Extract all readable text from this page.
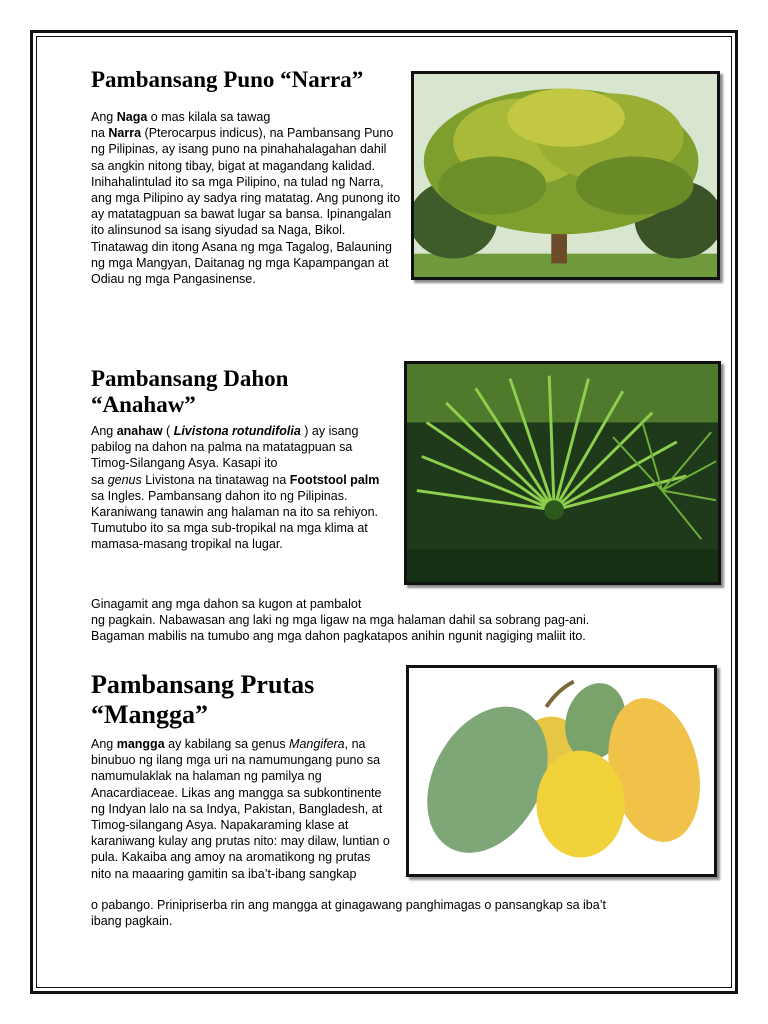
Pambansang Puno “Narra”

Ang Naga o mas kilala sa tawag
na Narra (Pterocarpus indicus), na Pambansang Puno ng Pilipinas, ay isang puno na pinahahalagahan dahil sa angkin nitong tibay, bigat at magandang kalidad. Inihahalintulad ito sa mga Pilipino, na tulad ng Narra, ang mga Pilipino ay sadya ring matatag. Ang punong ito ay matatagpuan sa bawat lugar sa bansa. Ipinangalan ito alinsunod sa isang siyudad sa Naga, Bikol. Tinatawag din itong Asana ng mga Tagalog, Balauning ng mga Mangyan, Daitanag ng mga Kapampangan at Odiau ng mga Pangasinense.

Pambansang Dahon
“Anahaw”

Ang anahaw ( Livistona rotundifolia ) ay isang pabilog na dahon na palma na matatagpuan sa Timog-Silangang Asya. Kasapi ito
sa genus Livistona na tinatawag na Footstool palm sa Ingles. Pambansang dahon ito ng Pilipinas.
Karaniwang tanawin ang halaman na ito sa rehiyon. Tumutubo ito sa mga sub-tropikal na mga klima at mamasa-masang tropikal na lugar.

Ginagamit ang mga dahon sa kugon at pambalot
ng pagkain. Nabawasan ang laki ng mga ligaw na mga halaman dahil sa sobrang pag-ani.
Bagaman mabilis na tumubo ang mga dahon pagkatapos anihin ngunit nagiging maliit ito.

Pambansang Prutas
“Mangga”

Ang mangga ay kabilang sa genus Mangifera, na binubuo ng ilang mga uri na namumungang puno sa namumulaklak na halaman ng pamilya ng Anacardiaceae. Likas ang mangga sa subkontinente ng Indyan lalo na sa Indya, Pakistan, Bangladesh, at Timog-silangang Asya. Napakaraming klase at karaniwang kulay ang prutas nito: may dilaw, luntian o pula. Kakaiba ang amoy na aromatikong ng prutas nito na maaaring gamitin sa iba’t-ibang sangkap

o pabango. Prinipriserba rin ang mangga at ginagawang panghimagas o pansangkap sa iba’t
ibang pagkain.
